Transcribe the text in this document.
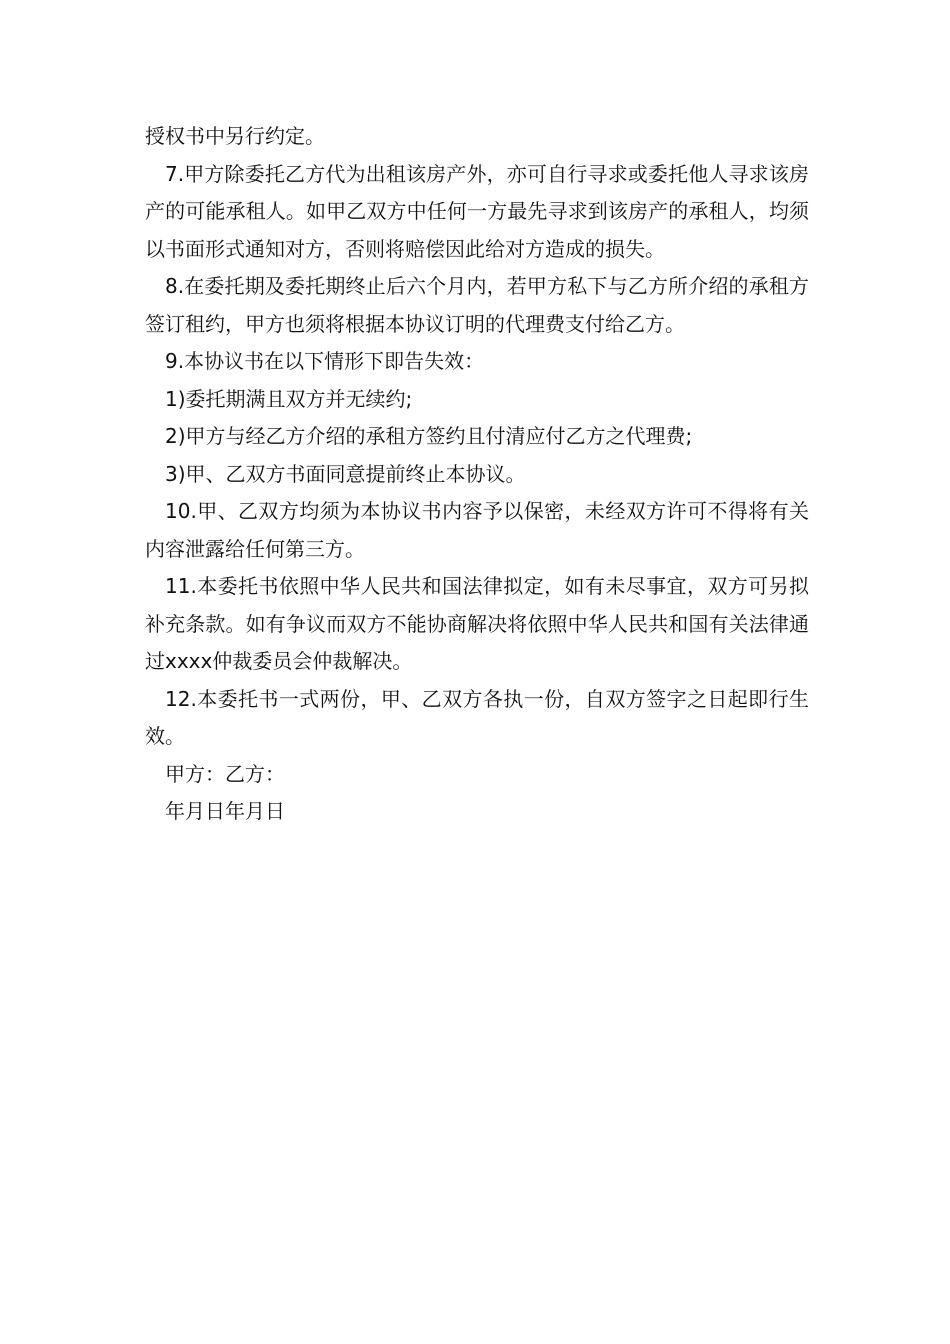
授权书中另行约定。

7.甲方除委托乙方代为出租该房产外，亦可自行寻求或委托他人寻求该房产的可能承租人。如甲乙双方中任何一方最先寻求到该房产的承租人，均须以书面形式通知对方，否则将赔偿因此给对方造成的损失。

8.在委托期及委托期终止后六个月内，若甲方私下与乙方所介绍的承租方签订租约，甲方也须将根据本协议订明的代理费支付给乙方。

9.本协议书在以下情形下即告失效：

1)委托期满且双方并无续约;

2)甲方与经乙方介绍的承租方签约且付清应付乙方之代理费;

3)甲、乙双方书面同意提前终止本协议。

10.甲、乙双方均须为本协议书内容予以保密，未经双方许可不得将有关内容泄露给任何第三方。

11.本委托书依照中华人民共和国法律拟定，如有未尽事宜，双方可另拟补充条款。如有争议而双方不能协商解决将依照中华人民共和国有关法律通过xxxx仲裁委员会仲裁解决。

12.本委托书一式两份，甲、乙双方各执一份，自双方签字之日起即行生效。

甲方：乙方：

年月日年月日
